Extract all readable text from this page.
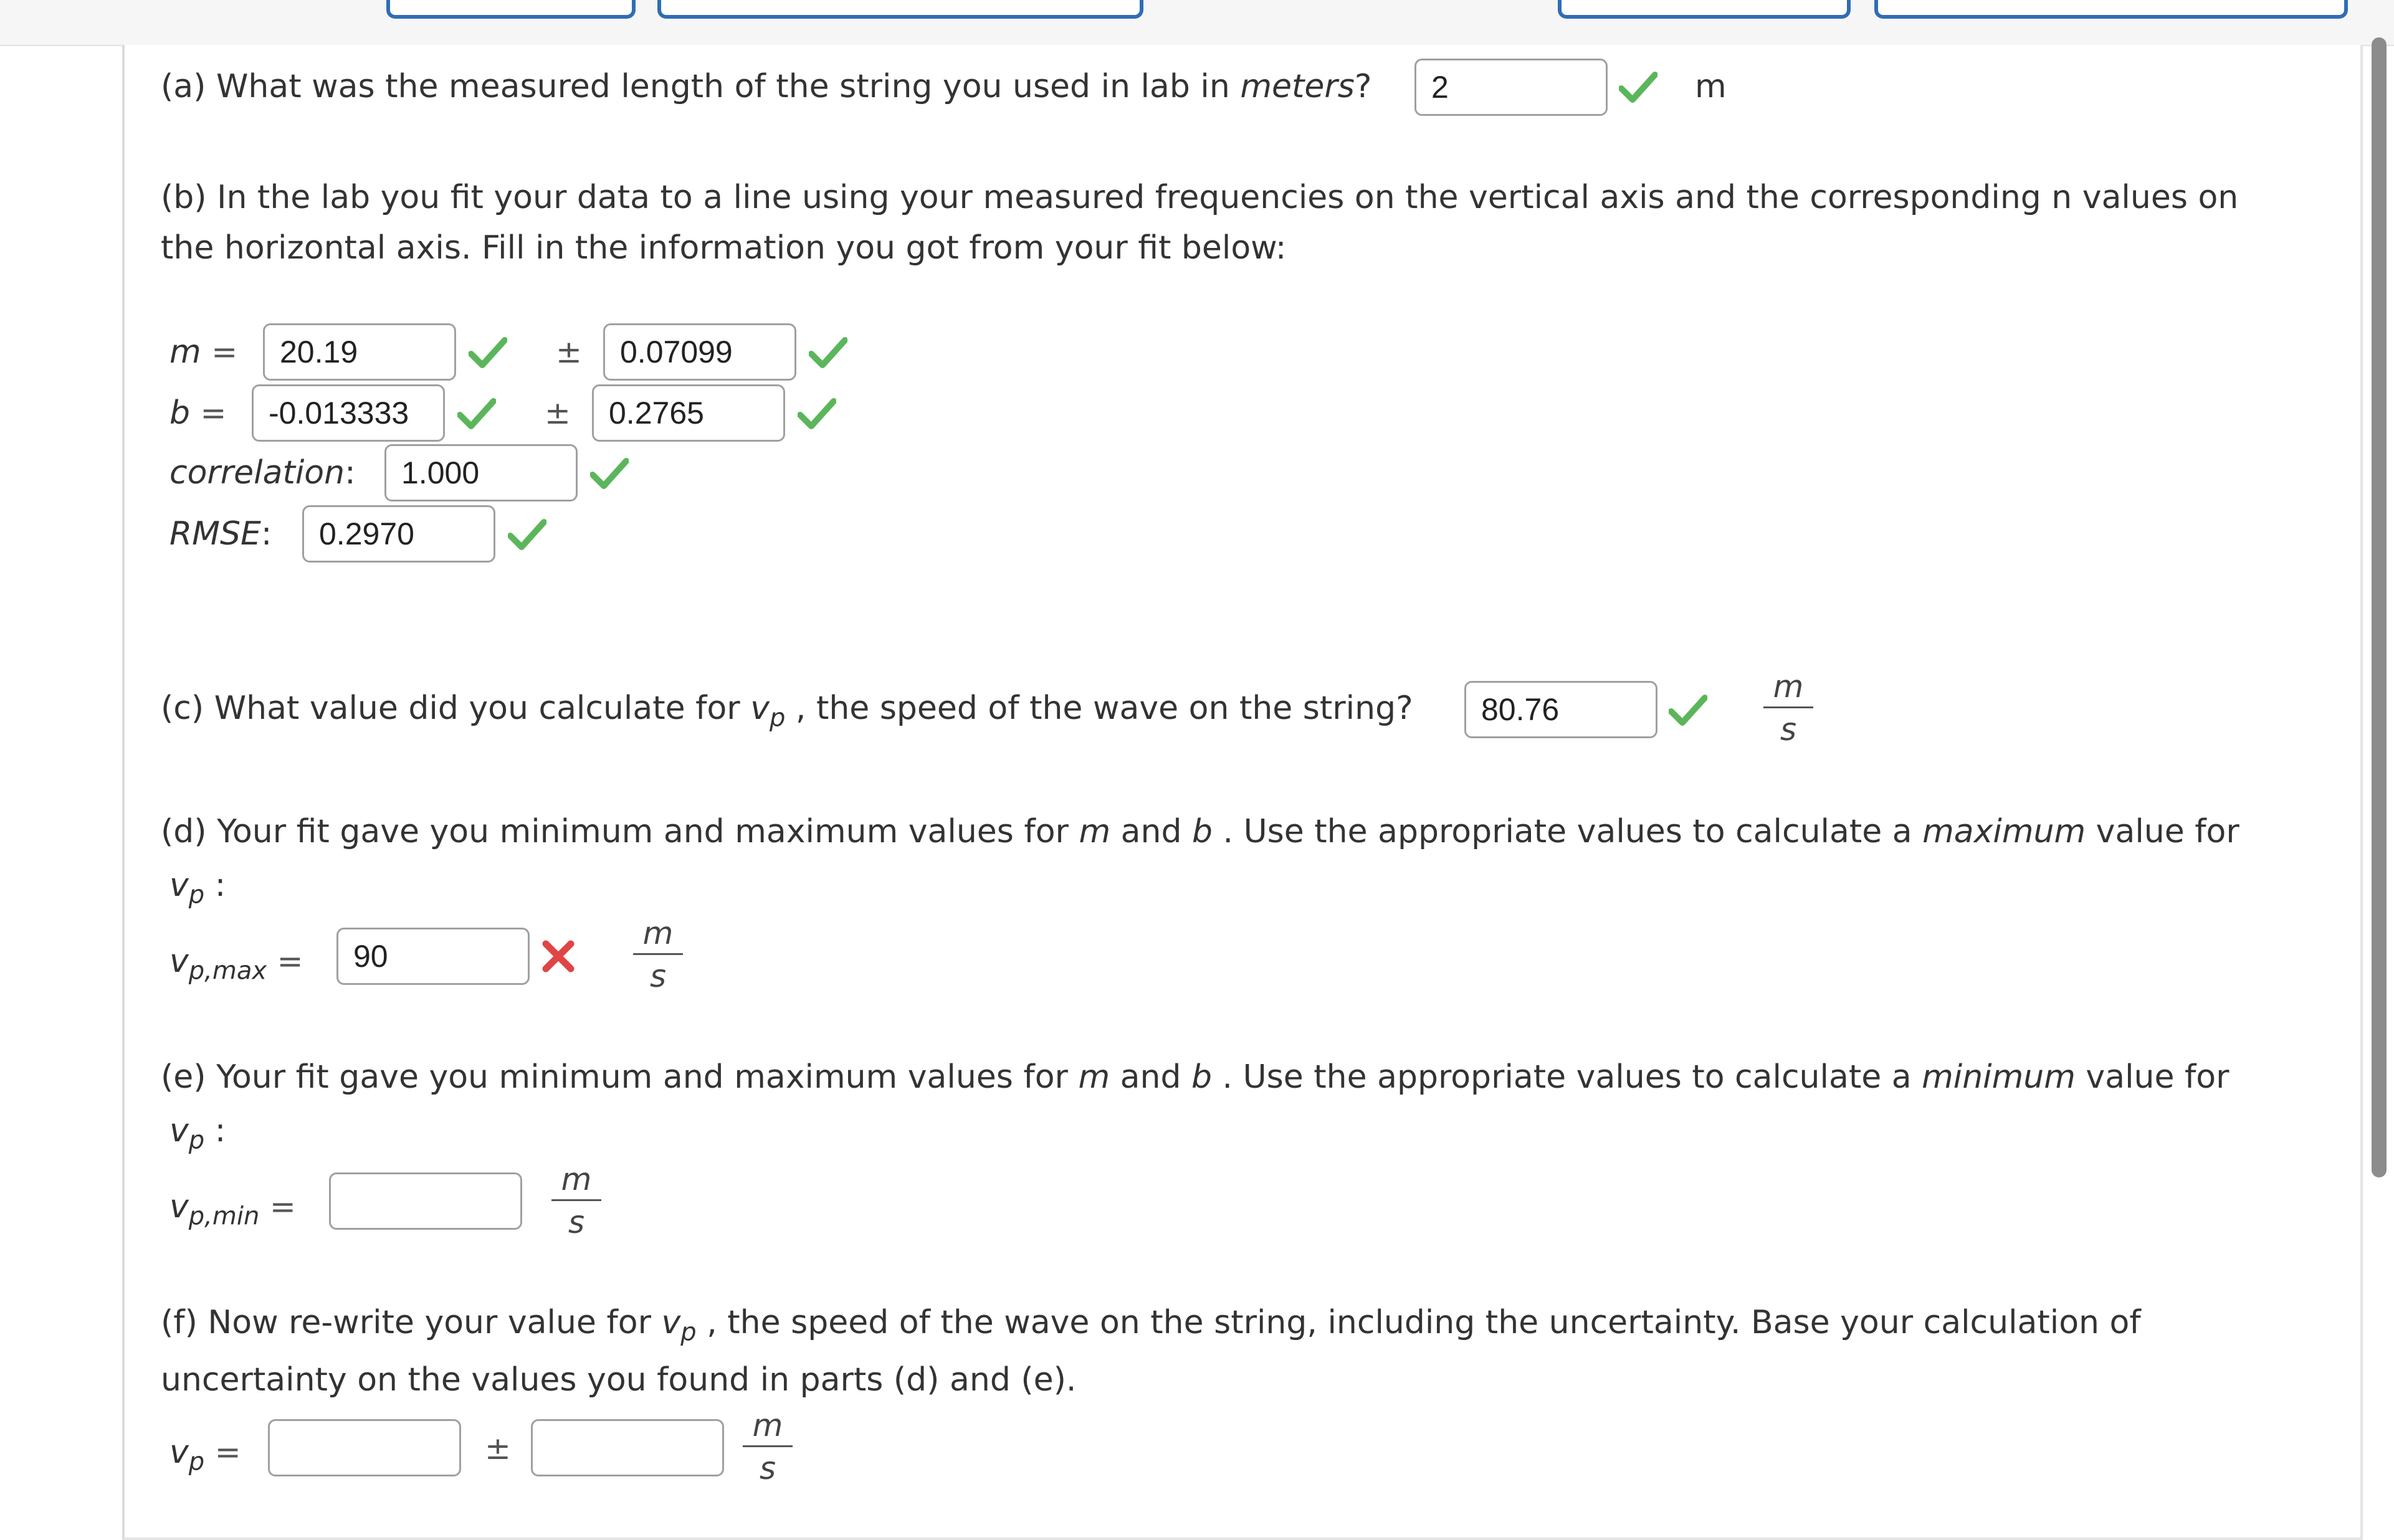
(a) What was the measured length of the string you used in lab in meters?	2	m
(b) In the lab you fit your data to a line using your measured frequencies on the vertical axis and the corresponding n values on
the horizontal axis. Fill in the information you got from your fit below:
m =	20.19	±	0.07099
b =	-0.013333	±	0.2765
correlation:	1.000
RMSE:	0.2970
(c) What value did you calculate for $v_p$ , the speed of the wave on the string?	80.76
m
s
(d) Your fit gave you minimum and maximum values for m and b . Use the appropriate values to calculate a maximum value for
$v_p$ :
$v_{p,max}$ =	90
m
s
(e) Your fit gave you minimum and maximum values for m and b . Use the appropriate values to calculate a minimum value for
$v_p$ :
$v_{p,min}$ =
m
s
(f) Now re-write your value for $v_p$ , the speed of the wave on the string, including the uncertainty. Base your calculation of
uncertainty on the values you found in parts (d) and (e).
$v_p$ =	±
m
s
